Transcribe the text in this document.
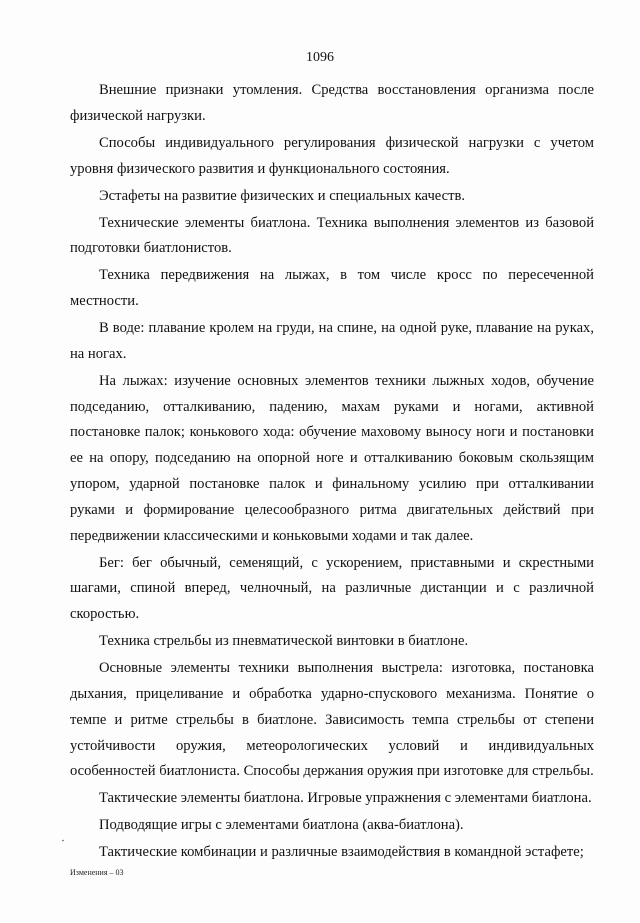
1096

Внешние признаки утомления. Средства восстановления организма после физической нагрузки.

Способы индивидуального регулирования физической нагрузки с учетом уровня физического развития и функционального состояния.

Эстафеты на развитие физических и специальных качеств.

Технические элементы биатлона. Техника выполнения элементов из базовой подготовки биатлонистов.

Техника передвижения на лыжах, в том числе кросс по пересеченной местности.

В воде: плавание кролем на груди, на спине, на одной руке, плавание на руках, на ногах.

На лыжах: изучение основных элементов техники лыжных ходов, обучение подседанию, отталкиванию, падению, махам руками и ногами, активной постановке палок; конькового хода: обучение маховому выносу ноги и постановки ее на опору, подседанию на опорной ноге и отталкиванию боковым скользящим упором, ударной постановке палок и финальному усилию при отталкивании руками и формирование целесообразного ритма двигательных действий при передвижении классическими и коньковыми ходами и так далее.

Бег: бег обычный, семенящий, с ускорением, приставными и скрестными шагами, спиной вперед, челночный, на различные дистанции и с различной скоростью.

Техника стрельбы из пневматической винтовки в биатлоне.

Основные элементы техники выполнения выстрела: изготовка, постановка дыхания, прицеливание и обработка ударно-спускового механизма. Понятие о темпе и ритме стрельбы в биатлоне. Зависимость темпа стрельбы от степени устойчивости оружия, метеорологических условий и индивидуальных особенностей биатлониста. Способы держания оружия при изготовке для стрельбы.

Тактические элементы биатлона. Игровые упражнения с элементами биатлона.

Подводящие игры с элементами биатлона (аква-биатлона).

Тактические комбинации и различные взаимодействия в командной эстафете;

Изменения – 03
